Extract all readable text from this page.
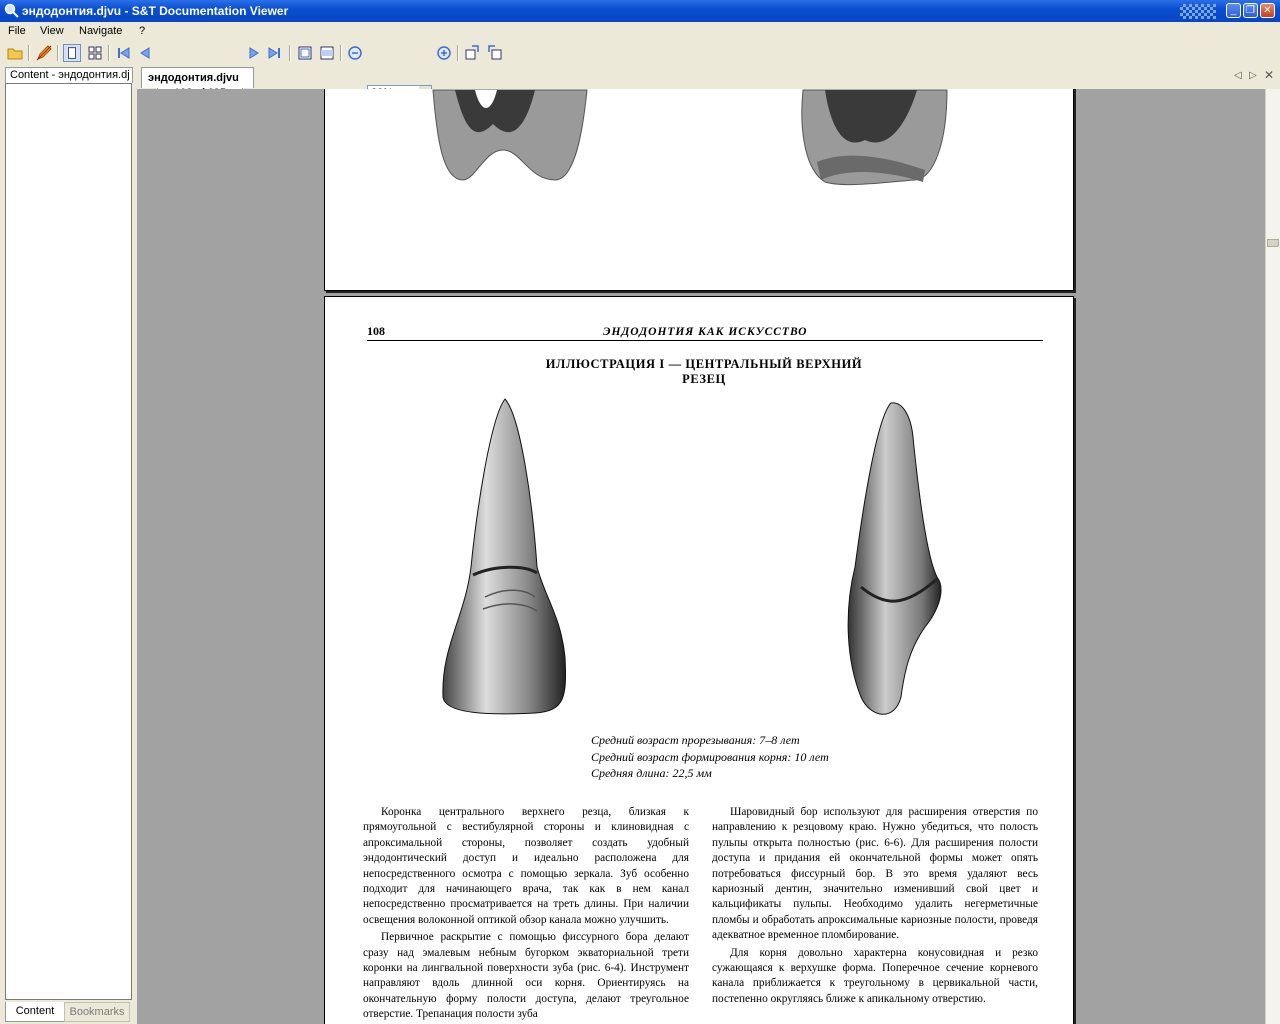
эндодонтия.djvu - S&T Documentation Viewer	_ ❐ ✕
File View Navigate ?
Content - эндодонтия.dj
Content	Bookmarks
эндодонтия.djvu	◁ ▷ ✕
108	ЭНДОДОНТИЯ КАК ИСКУССТВО
ИЛЛЮСТРАЦИЯ I — ЦЕНТРАЛЬНЫЙ ВЕРХНИЙ РЕЗЕЦ
Средний возраст прорезывания: 7–8 лет
Средний возраст формирования корня: 10 лет
Средняя длина: 22,5 мм

Коронка центрального верхнего резца, близкая к прямоугольной с вестибулярной стороны и клиновидная с апроксимальной стороны, позволяет создать удобный эндодонтический доступ и идеально расположена для непосредственного осмотра с помощью зеркала. Зуб особенно подходит для начинающего врача, так как в нем канал непосредственно просматривается на треть длины. При наличии освещения волоконной оптикой обзор канала можно улучшить.

Первичное раскрытие с помощью фиссурного бора делают сразу над эмалевым небным бугорком экваториальной трети коронки на лингвальной поверхности зуба (рис. 6-4). Инструмент направляют вдоль длинной оси корня. Ориентируясь на окончательную форму полости доступа, делают треугольное отверстие. Трепанация полости зуба

Шаровидный бор используют для расширения отверстия по направлению к резцовому краю. Нужно убедиться, что полость пульпы открыта полностью (рис. 6-6). Для расширения полости доступа и придания ей окончательной формы может опять потребоваться фиссурный бор. В это время удаляют весь кариозный дентин, значительно изменивший свой цвет и кальцификаты пульпы. Необходимо удалить негерметичные пломбы и обработать апроксимальные кариозные полости, проведя адекватное временное пломбирование.

Для корня довольно характерна конусовидная и резко сужающаяся к верхушке форма. Поперечное сечение корневого канала приближается к треугольному в цервикальной части, постепенно округляясь ближе к апикальному отверстию.
